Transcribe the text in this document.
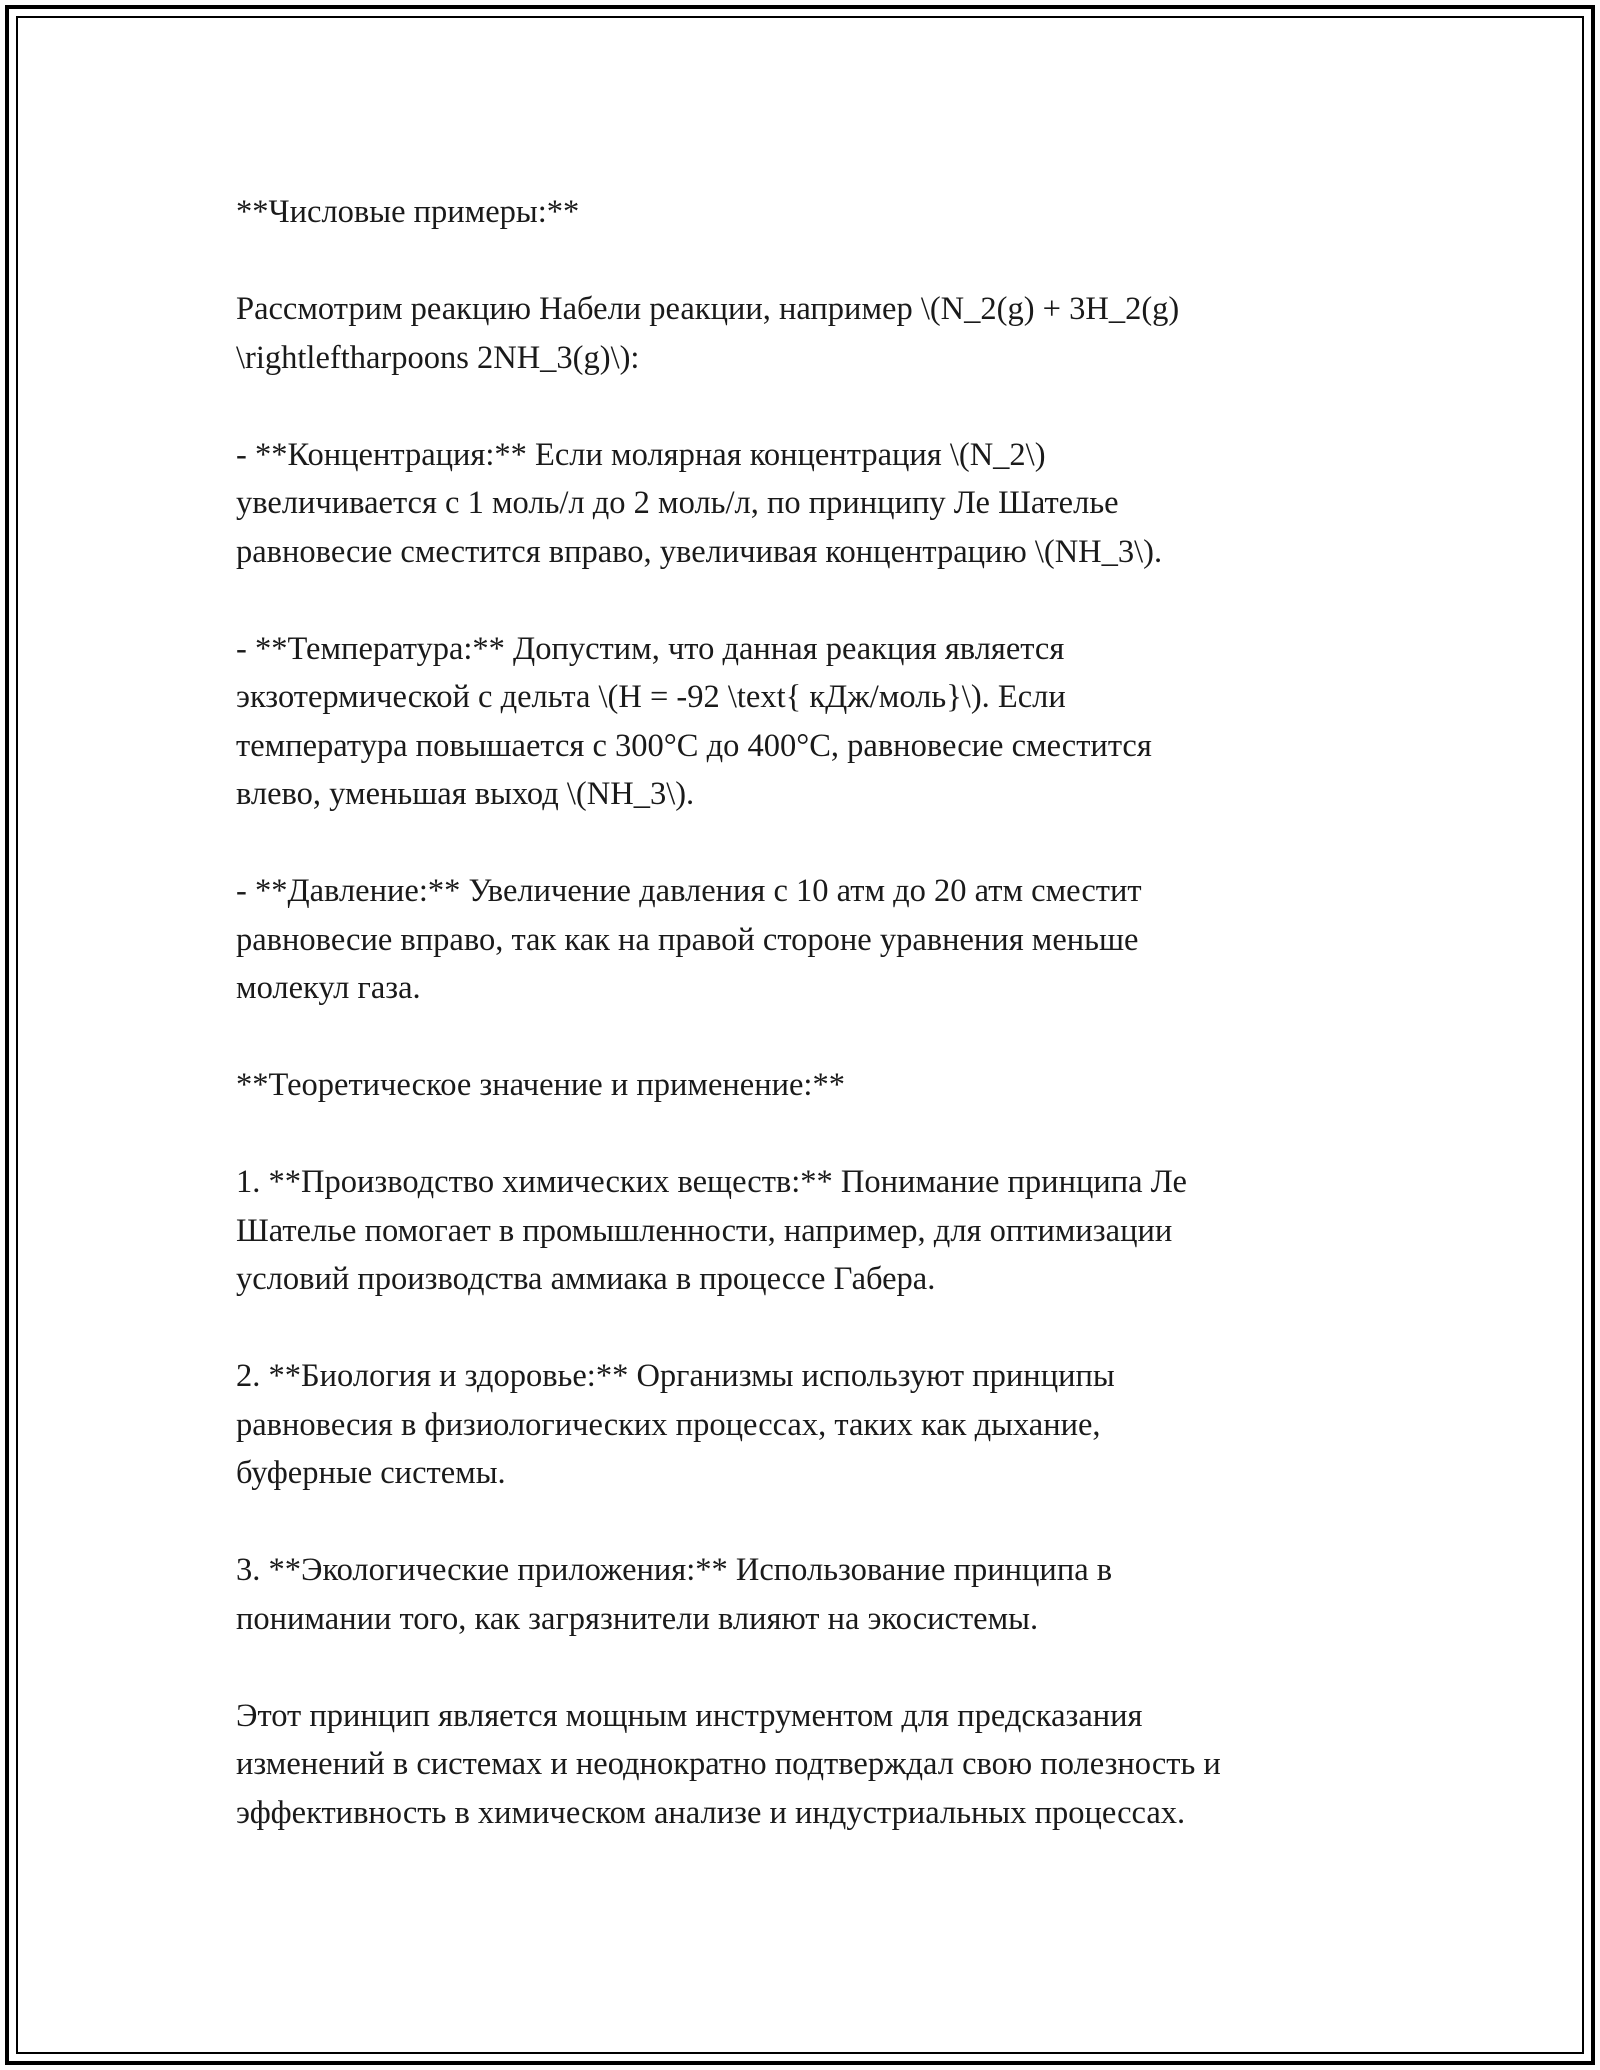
**Числовые примеры:**

Рассмотрим реакцию Набели реакции, например \(N_2(g) + 3H_2(g)
\rightleftharpoons 2NH_3(g)\):

- **Концентрация:** Если молярная концентрация \(N_2\)
увеличивается с 1 моль/л до 2 моль/л, по принципу Ле Шателье
равновесие сместится вправо, увеличивая концентрацию \(NH_3\).

- **Температура:** Допустим, что данная реакция является
экзотермической с дельта \(H = -92 \text{ кДж/моль}\). Если
температура повышается с 300°C до 400°C, равновесие сместится
влево, уменьшая выход \(NH_3\).

- **Давление:** Увеличение давления с 10 атм до 20 атм сместит
равновесие вправо, так как на правой стороне уравнения меньше
молекул газа.

**Теоретическое значение и применение:**

1. **Производство химических веществ:** Понимание принципа Ле
Шателье помогает в промышленности, например, для оптимизации
условий производства аммиака в процессе Габера.

2. **Биология и здоровье:** Организмы используют принципы
равновесия в физиологических процессах, таких как дыхание,
буферные системы.

3. **Экологические приложения:** Использование принципа в
понимании того, как загрязнители влияют на экосистемы.

Этот принцип является мощным инструментом для предсказания
изменений в системах и неоднократно подтверждал свою полезность и
эффективность в химическом анализе и индустриальных процессах.
